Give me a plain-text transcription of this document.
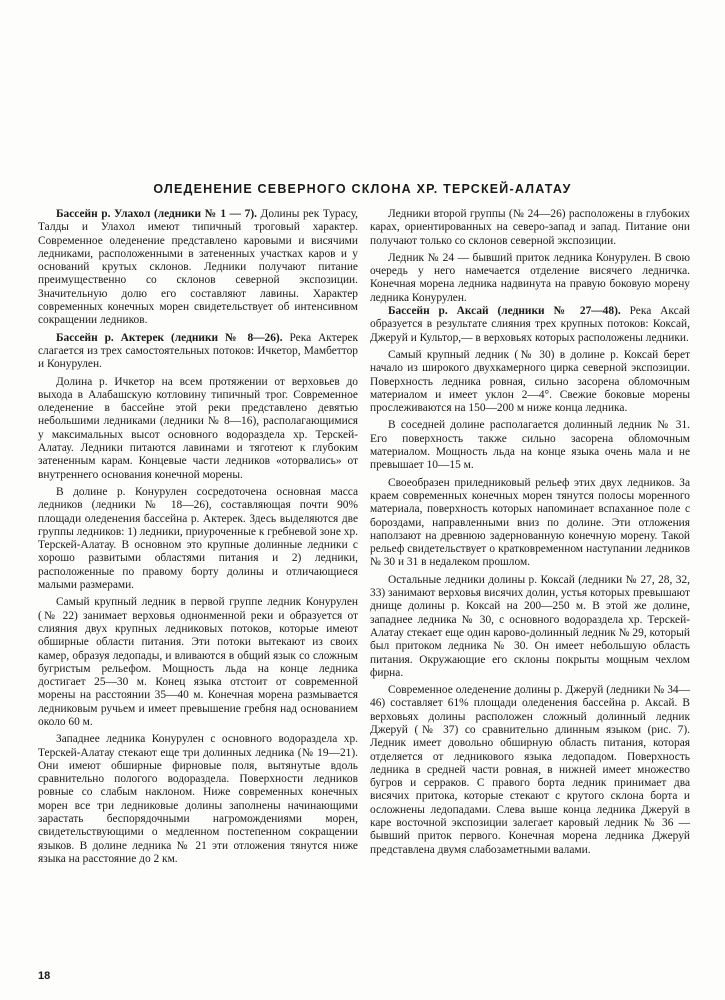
ОЛЕДЕНЕНИЕ СЕВЕРНОГО СКЛОНА ХР. ТЕРСКЕЙ-АЛАТАУ

Бассейн р. Улахол (ледники № 1 — 7). Долины рек Турасу, Талды и Улахол имеют типичный троговый характер. Современное оледенение представлено каровыми и висячими ледниками, расположенными в затененных участках каров и у оснований крутых склонов. Ледники получают питание преимущественно со склонов северной экспозиции. Значительную долю его составляют лавины. Характер современных конечных морен свидетельствует об интенсивном сокращении ледников.

Бассейн р. Актерек (ледники № 8—26). Река Актерек слагается из трех самостоятельных потоков: Ичкетор, Мамбеттор и Конурулен.

Долина р. Ичкетор на всем протяжении от верховьев до выхода в Алабашскую котловину типичный трог. Современное оледенение в бассейне этой реки представлено девятью небольшими ледниками (ледники № 8—16), располагающимися у максимальных высот основного водораздела хр. Терскей-Алатау. Ледники питаются лавинами и тяготеют к глубоким затененным карам. Концевые части ледников «оторвались» от внутреннего основания конечной морены.

В долине р. Конурулен сосредоточена основная масса ледников (ледники № 18—26), составляющая почти 90% площади оледенения бассейна р. Актерек. Здесь выделяются две группы ледников: 1) ледники, приуроченные к гребневой зоне хр. Терскей-Алатау. В основном это крупные долинные ледники с хорошо развитыми областями питания и 2) ледники, расположенные по правому борту долины и отличающиеся малыми размерами.

Самый крупный ледник в первой группе ледник Конурулен (№ 22) занимает верховья однонменной реки и образуется от слияния двух крупных ледниковых потоков, которые имеют обширные области питания. Эти потоки вытекают из своих камер, образуя ледопады, и вливаются в общий язык со сложным бугристым рельефом. Мощность льда на конце ледника достигает 25—30 м. Конец языка отстоит от современной морены на расстоянии 35—40 м. Конечная морена размывается ледниковым ручьем и имеет превышение гребня над основанием около 60 м.

Западнее ледника Конурулен с основного водораздела хр. Терскей-Алатау стекают еще три долинных ледника (№ 19—21). Они имеют обширные фирновые поля, вытянутые вдоль сравнительно пологого водораздела. Поверхности ледников ровные со слабым наклоном. Ниже современных конечных морен все три ледниковые долины заполнены начинающими зарастать беспорядочными нагромождениями морен, свидетельствующими о медленном постепенном сокращении языков. В долине ледника № 21 эти отложения тянутся ниже языка на расстояние до 2 км.

Ледники второй группы (№ 24—26) расположены в глубоких карах, ориентированных на северо-запад и запад. Питание они получают только со склонов северной экспозиции.

Ледник № 24 — бывший приток ледника Конурулен. В свою очередь у него намечается отделение висячего ледничка. Конечная морена ледника надвинута на правую боковую морену ледника Конурулен.

Бассейн р. Аксай (ледники № 27—48). Река Аксай образуется в результате слияния трех крупных потоков: Коксай, Джеруй и Культор,— в верховьях которых расположены ледники.

Самый крупный ледник (№ 30) в долине р. Коксай берет начало из широкого двухкамерного цирка северной экспозиции. Поверхность ледника ровная, сильно засорена обломочным материалом и имеет уклон 2—4°. Свежие боковые морены прослеживаются на 150—200 м ниже конца ледника.

В соседней долине располагается долинный ледник № 31. Его поверхность также сильно засорена обломочным материалом. Мощность льда на конце языка очень мала и не превышает 10—15 м.

Своеобразен приледниковый рельеф этих двух ледников. За краем современных конечных морен тянутся полосы моренного материала, поверхность которых напоминает вспаханное поле с бороздами, направленными вниз по долине. Эти отложения наползают на древнюю задернованную конечную морену. Такой рельеф свидетельствует о кратковременном наступании ледников № 30 и 31 в недалеком прошлом.

Остальные ледники долины р. Коксай (ледники № 27, 28, 32, 33) занимают верховья висячих долин, устья которых превышают днище долины р. Коксай на 200—250 м. В этой же долине, западнее ледника № 30, с основного водораздела хр. Терскей-Алатау стекает еще один карово-долинный ледник № 29, который был притоком ледника № 30. Он имеет небольшую область питания. Окружающие его склоны покрыты мощным чехлом фирна.

Современное оледенение долины р. Джеруй (ледники № 34—46) составляет 61% площади оледенения бассейна р. Аксай. В верховьях долины расположен сложный долинный ледник Джеруй (№ 37) со сравнительно длинным языком (рис. 7). Ледник имеет довольно обширную область питания, которая отделяется от ледникового языка ледопадом. Поверхность ледника в средней части ровная, в нижней имеет множество бугров и серраков. С правого борта ледник принимает два висячих притока, которые стекают с крутого склона борта и осложнены ледопадами. Слева выше конца ледника Джеруй в каре восточной экспозиции залегает каровый ледник № 36 — бывший приток первого. Конечная морена ледника Джеруй представлена двумя слабозаметными валами.

18
